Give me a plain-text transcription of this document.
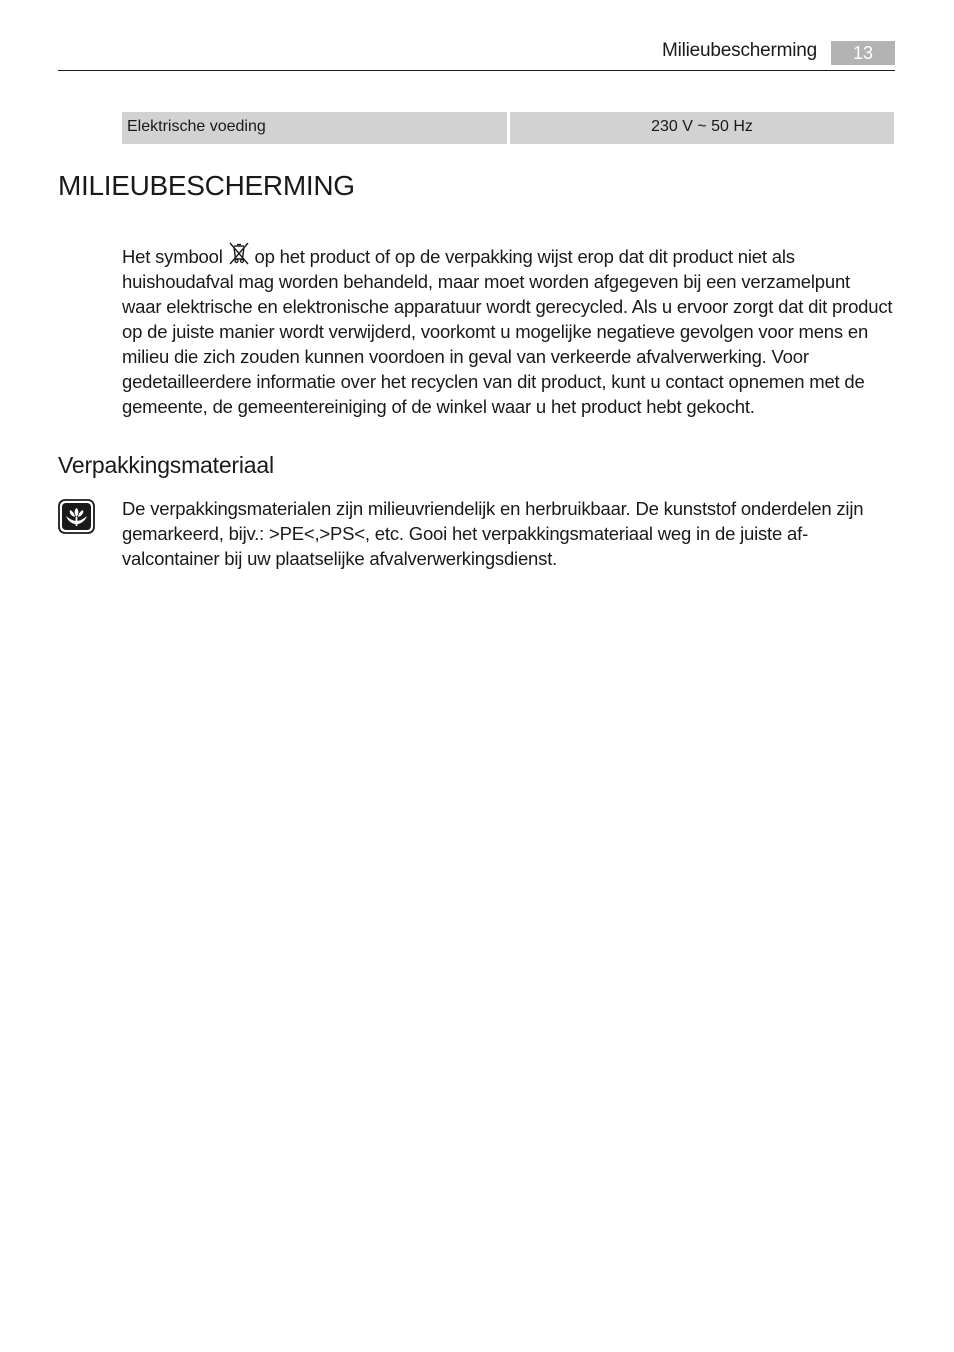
Milieubescherming	13
Elektrische voeding	230 V ~ 50 Hz
MILIEUBESCHERMING

Het symbool  op het product of op de verpakking wijst erop dat dit product niet als huishoudafval mag worden behandeld, maar moet worden afgegeven bij een verzamelpunt waar elektrische en elektronische apparatuur wordt gerecycled. Als u ervoor zorgt dat dit product op de juiste manier wordt verwijderd, voorkomt u mogelijke negatieve gevolgen voor mens en milieu die zich zouden kunnen voordoen in geval van verkeerde afvalverwerking. Voor gedetailleerdere informatie over het recyclen van dit product, kunt u contact opnemen met de gemeente, de gemeentereiniging of de winkel waar u het product hebt gekocht.

Verpakkingsmateriaal

De verpakkingsmaterialen zijn milieuvriendelijk en herbruikbaar. De kunststof onderdelen zijn gemarkeerd, bijv.: >PE<,>PS<, etc. Gooi het verpakkingsmateriaal weg in de juiste afvalcontainer bij uw plaatselijke afvalverwerkingsdienst.
